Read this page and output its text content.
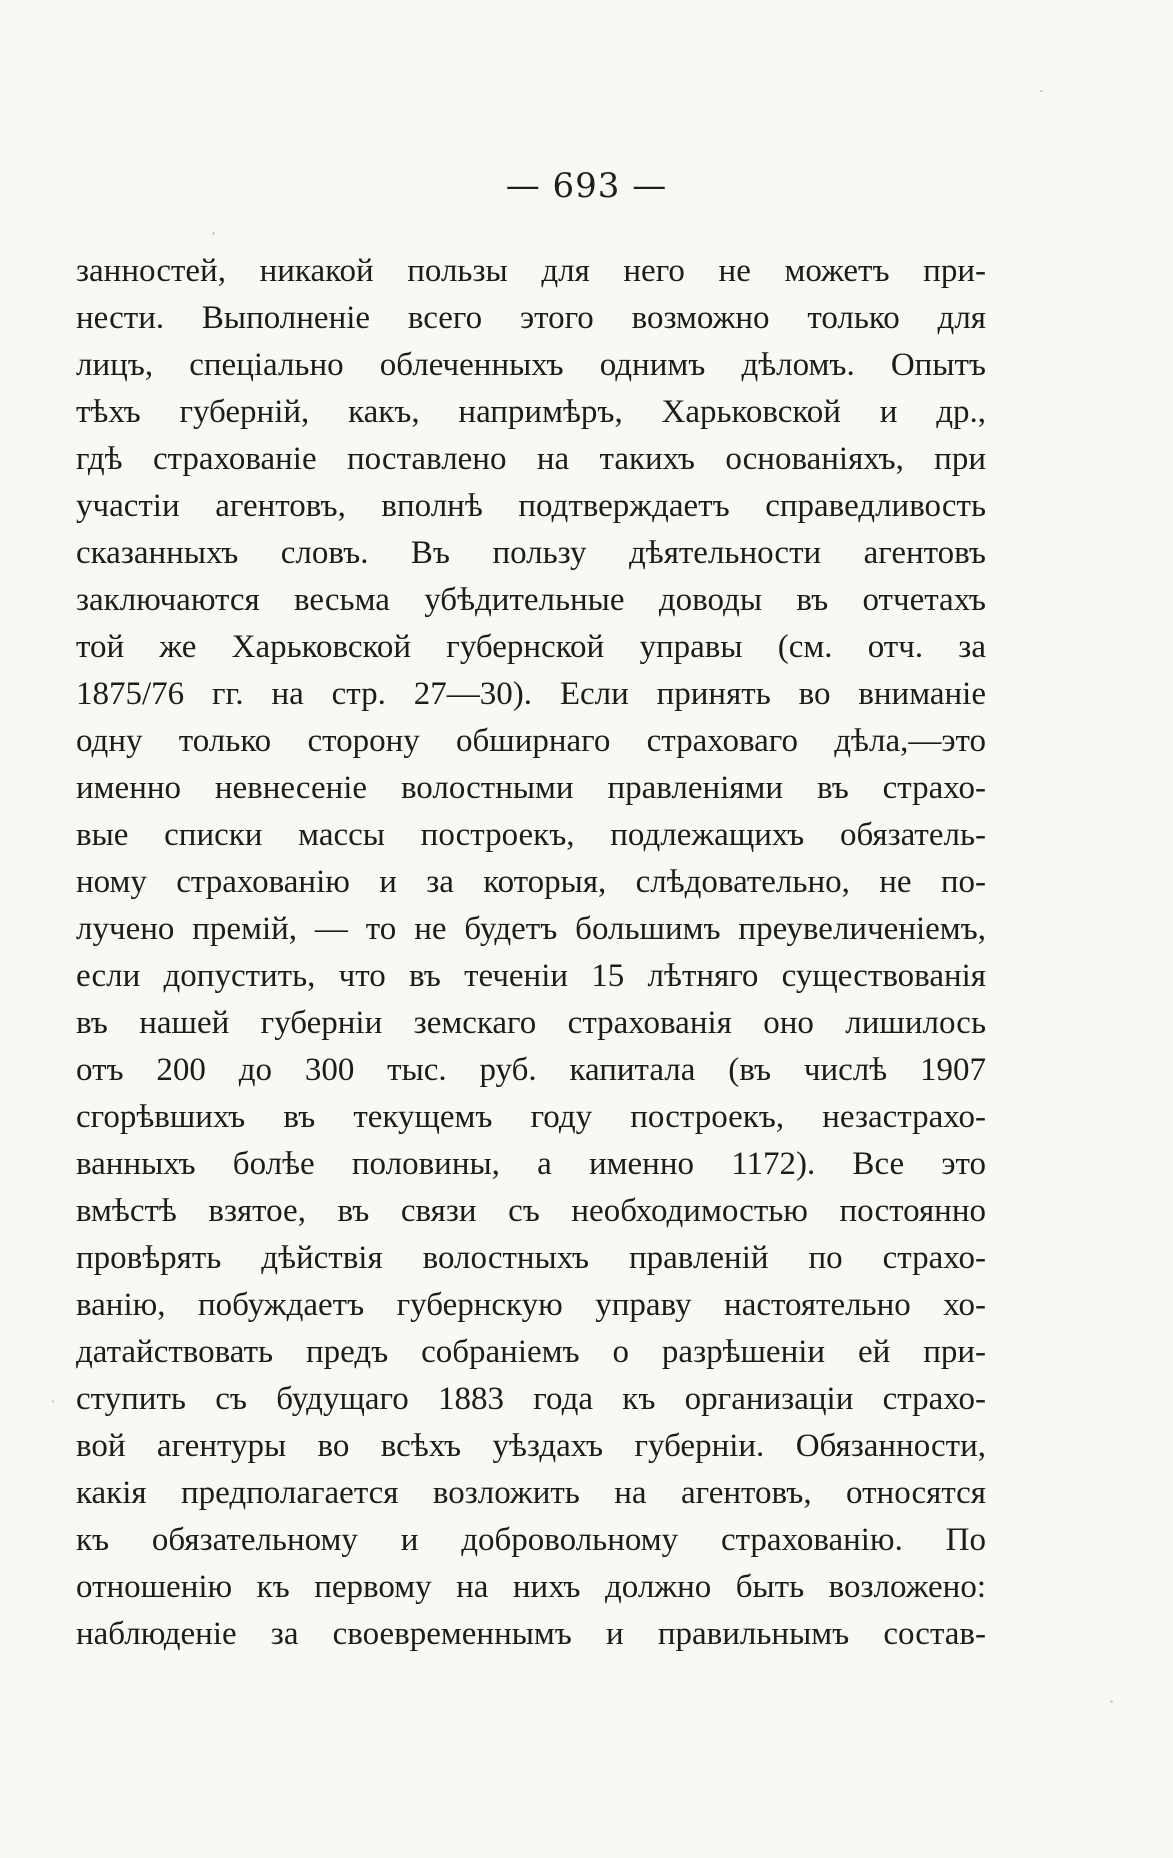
— 693 —
занностей, никакой пользы для него не можетъ при-
нести. Выполненіе всего этого возможно только для
лицъ, спеціально облеченныхъ однимъ дѣломъ. Опытъ
тѣхъ губерній, какъ, напримѣръ, Харьковской и др.,
гдѣ страхованіе поставлено на такихъ основаніяхъ, при
участіи агентовъ, вполнѣ подтверждаетъ справедливость
сказанныхъ словъ. Въ пользу дѣятельности агентовъ
заключаются весьма убѣдительные доводы въ отчетахъ
той же Харьковской губернской управы (см. отч. за
1875/76 гг. на стр. 27—30). Если принять во вниманіе
одну только сторону обширнаго страховаго дѣла,—это
именно невнесеніе волостными правленіями въ страхо-
вые списки массы построекъ, подлежащихъ обязатель-
ному страхованію и за которыя, слѣдовательно, не по-
лучено премій, — то не будетъ большимъ преувеличеніемъ,
если допустить, что въ теченіи 15 лѣтняго существованія
въ нашей губерніи земскаго страхованія оно лишилось
отъ 200 до 300 тыс. руб. капитала (въ числѣ 1907
сгорѣвшихъ въ текущемъ году построекъ, незастрахо-
ванныхъ болѣе половины, а именно 1172). Все это
вмѣстѣ взятое, въ связи съ необходимостью постоянно
провѣрять дѣйствія волостныхъ правленій по страхо-
ванію, побуждаетъ губернскую управу настоятельно хо-
датайствовать предъ собраніемъ о разрѣшеніи ей при-
ступить съ будущаго 1883 года къ организаціи страхо-
вой агентуры во всѣхъ уѣздахъ губерніи. Обязанности,
какія предполагается возложить на агентовъ, относятся
къ обязательному и добровольному страхованію. По
отношенію къ первому на нихъ должно быть возложено:
наблюденіе за своевременнымъ и правильнымъ состав-
